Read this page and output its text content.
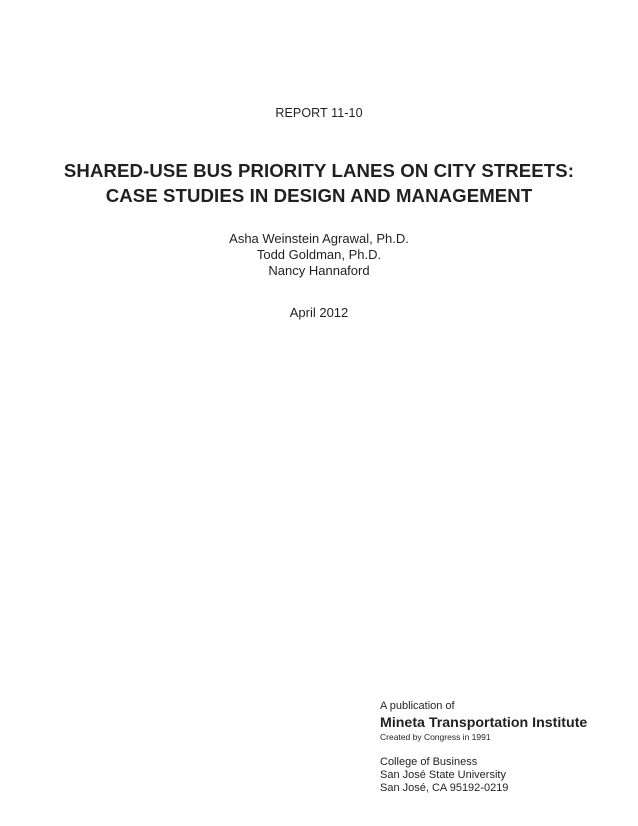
REPORT 11-10
SHARED-USE BUS PRIORITY LANES ON CITY STREETS:
CASE STUDIES IN DESIGN AND MANAGEMENT
Asha Weinstein Agrawal, Ph.D.
Todd Goldman, Ph.D.
Nancy Hannaford
April 2012
A publication of
Mineta Transportation Institute
Created by Congress in 1991
College of Business
San José State University
San José, CA 95192-0219
